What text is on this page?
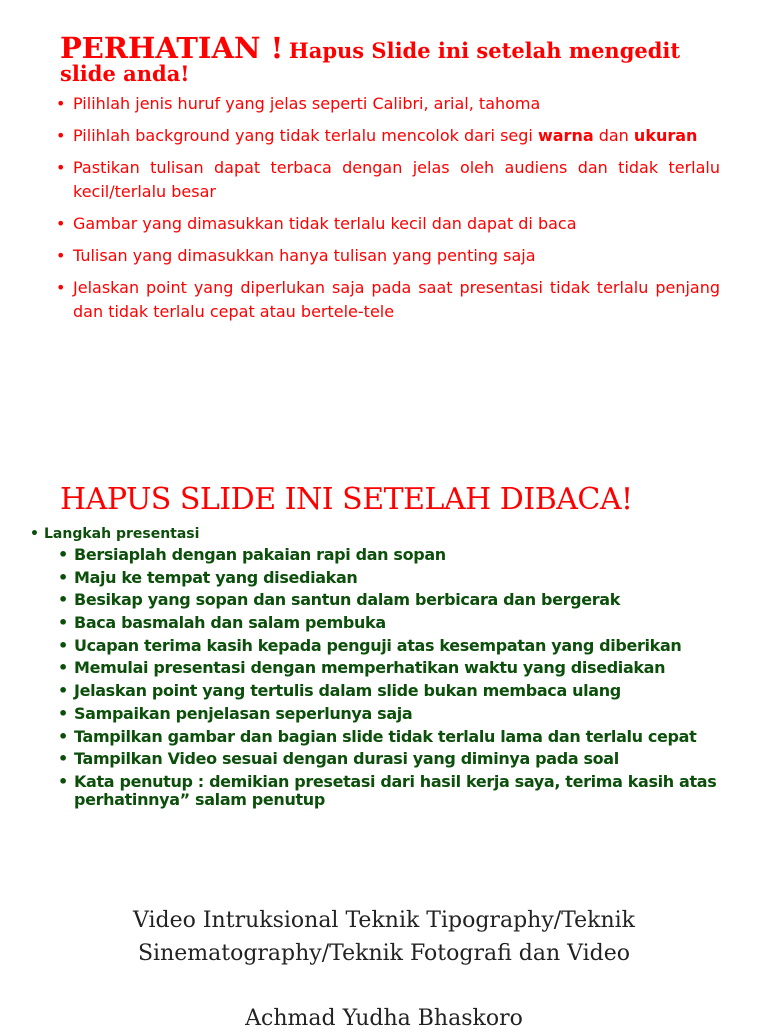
PERHATIAN ! Hapus Slide ini setelah mengedit slide anda!
• Pilihlah jenis huruf yang jelas seperti Calibri, arial, tahoma
• Pilihlah background yang tidak terlalu mencolok dari segi warna dan ukuran
• Pastikan tulisan dapat terbaca dengan jelas oleh audiens dan tidak terlalu kecil/terlalu besar
• Gambar yang dimasukkan tidak terlalu kecil dan dapat di baca
• Tulisan yang dimasukkan hanya tulisan yang penting saja
• Jelaskan point yang diperlukan saja pada saat presentasi tidak terlalu penjang dan tidak terlalu cepat atau bertele-tele
HAPUS SLIDE INI SETELAH DIBACA!
• Langkah presentasi
• Bersiaplah dengan pakaian rapi dan sopan
• Maju ke tempat yang disediakan
• Besikap yang sopan dan santun dalam berbicara dan bergerak
• Baca basmalah dan salam pembuka
• Ucapan terima kasih kepada penguji atas kesempatan yang diberikan
• Memulai presentasi dengan memperhatikan waktu yang disediakan
• Jelaskan point yang tertulis dalam slide bukan membaca ulang
• Sampaikan penjelasan seperlunya saja
• Tampilkan gambar dan bagian slide tidak terlalu lama dan terlalu cepat
• Tampilkan Video sesuai dengan durasi yang diminya pada soal
• Kata penutup : demikian presetasi dari hasil kerja saya, terima kasih atas perhatinnya” salam penutup
Video Intruksional Teknik Tipography/Teknik
Sinematography/Teknik Fotografi dan Video
Achmad Yudha Bhaskoro
